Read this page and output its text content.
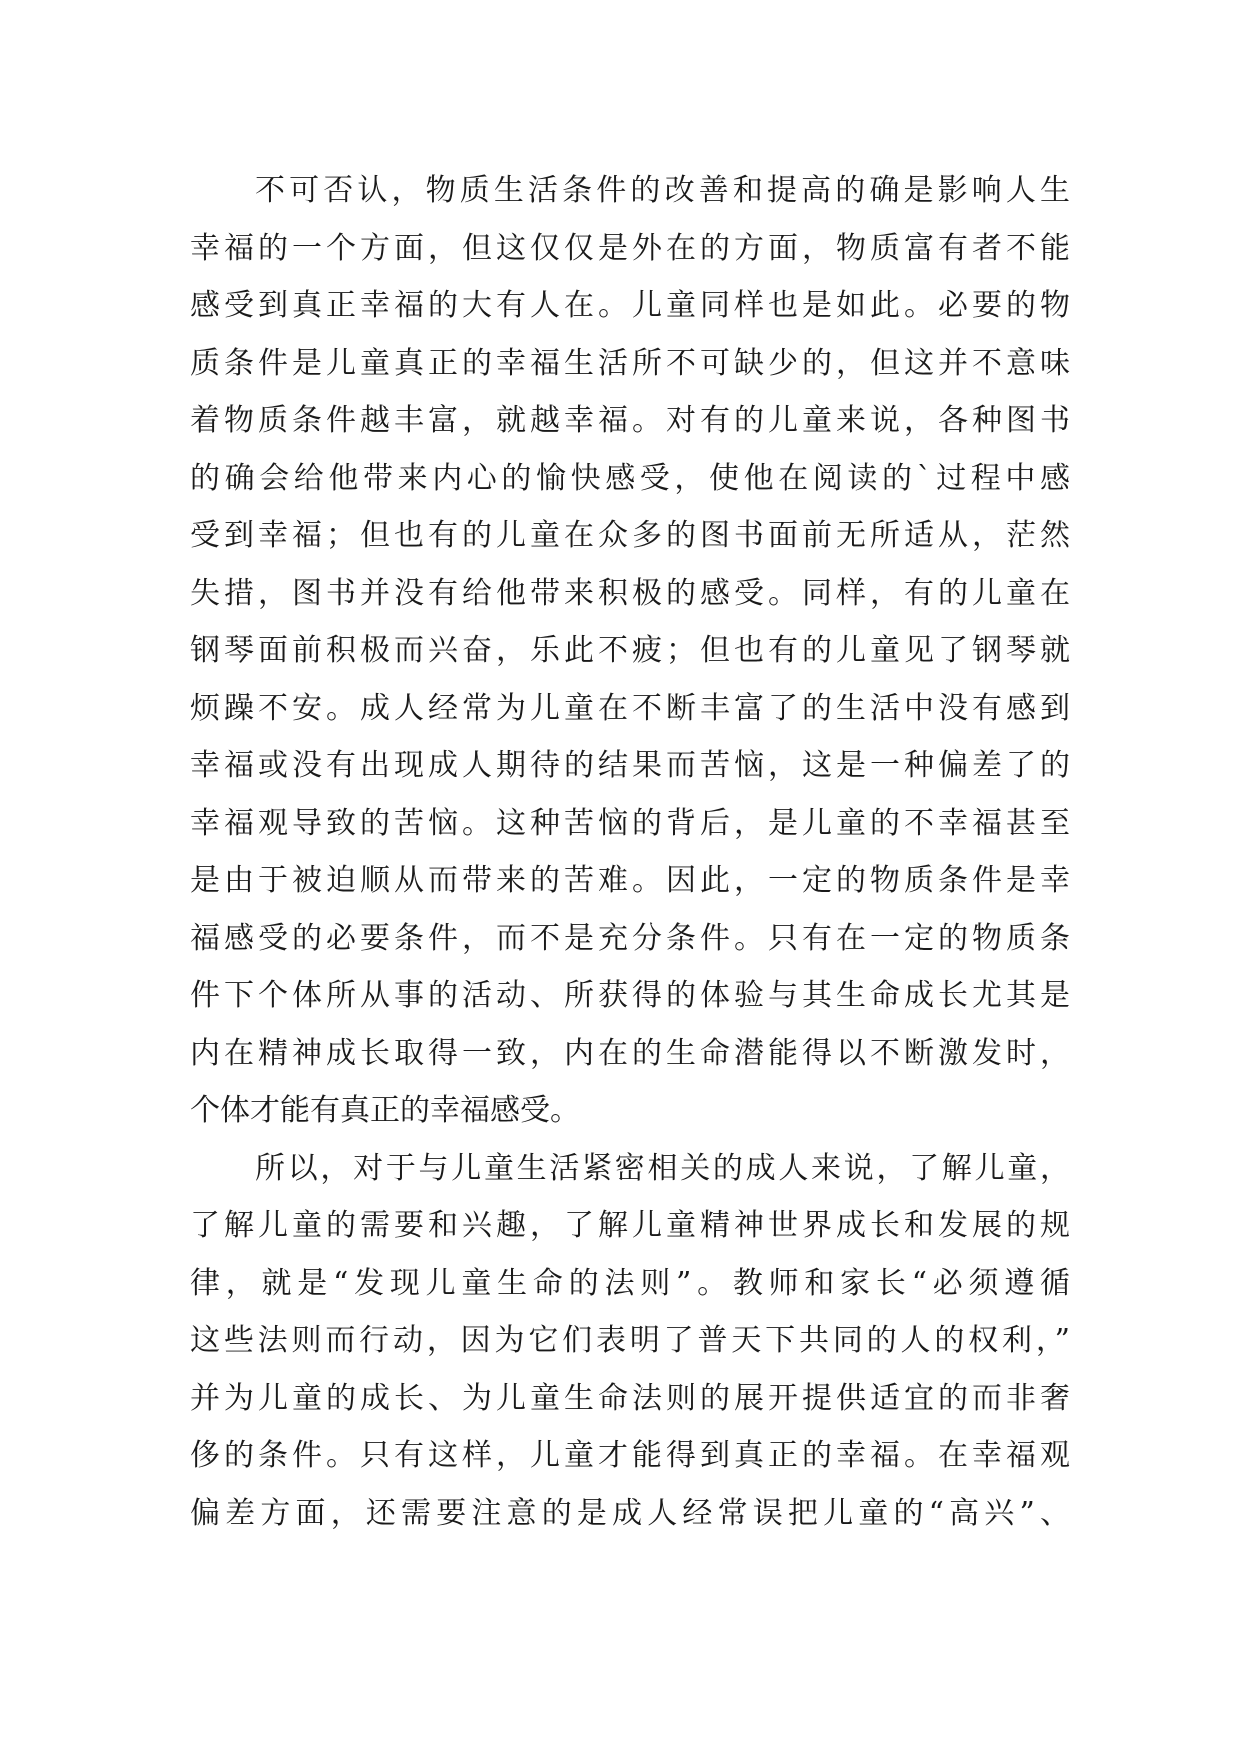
不可否认，物质生活条件的改善和提高的确是影响人生
幸福的一个方面，但这仅仅是外在的方面，物质富有者不能
感受到真正幸福的大有人在。儿童同样也是如此。必要的物
质条件是儿童真正的幸福生活所不可缺少的，但这并不意味
着物质条件越丰富，就越幸福。对有的儿童来说，各种图书
的确会给他带来内心的愉快感受，使他在阅读的`过程中感
受到幸福；但也有的儿童在众多的图书面前无所适从，茫然
失措，图书并没有给他带来积极的感受。同样，有的儿童在
钢琴面前积极而兴奋，乐此不疲；但也有的儿童见了钢琴就
烦躁不安。成人经常为儿童在不断丰富了的生活中没有感到
幸福或没有出现成人期待的结果而苦恼，这是一种偏差了的
幸福观导致的苦恼。这种苦恼的背后，是儿童的不幸福甚至
是由于被迫顺从而带来的苦难。因此，一定的物质条件是幸
福感受的必要条件，而不是充分条件。只有在一定的物质条
件下个体所从事的活动、所获得的体验与其生命成长尤其是
内在精神成长取得一致，内在的生命潜能得以不断激发时，
个体才能有真正的幸福感受。
所以，对于与儿童生活紧密相关的成人来说，了解儿童，
了解儿童的需要和兴趣，了解儿童精神世界成长和发展的规
律，就是“发现儿童生命的法则”。教师和家长“必须遵循
这些法则而行动，因为它们表明了普天下共同的人的权利，”
并为儿童的成长、为儿童生命法则的展开提供适宜的而非奢
侈的条件。只有这样，儿童才能得到真正的幸福。在幸福观
偏差方面，还需要注意的是成人经常误把儿童的“高兴”、
